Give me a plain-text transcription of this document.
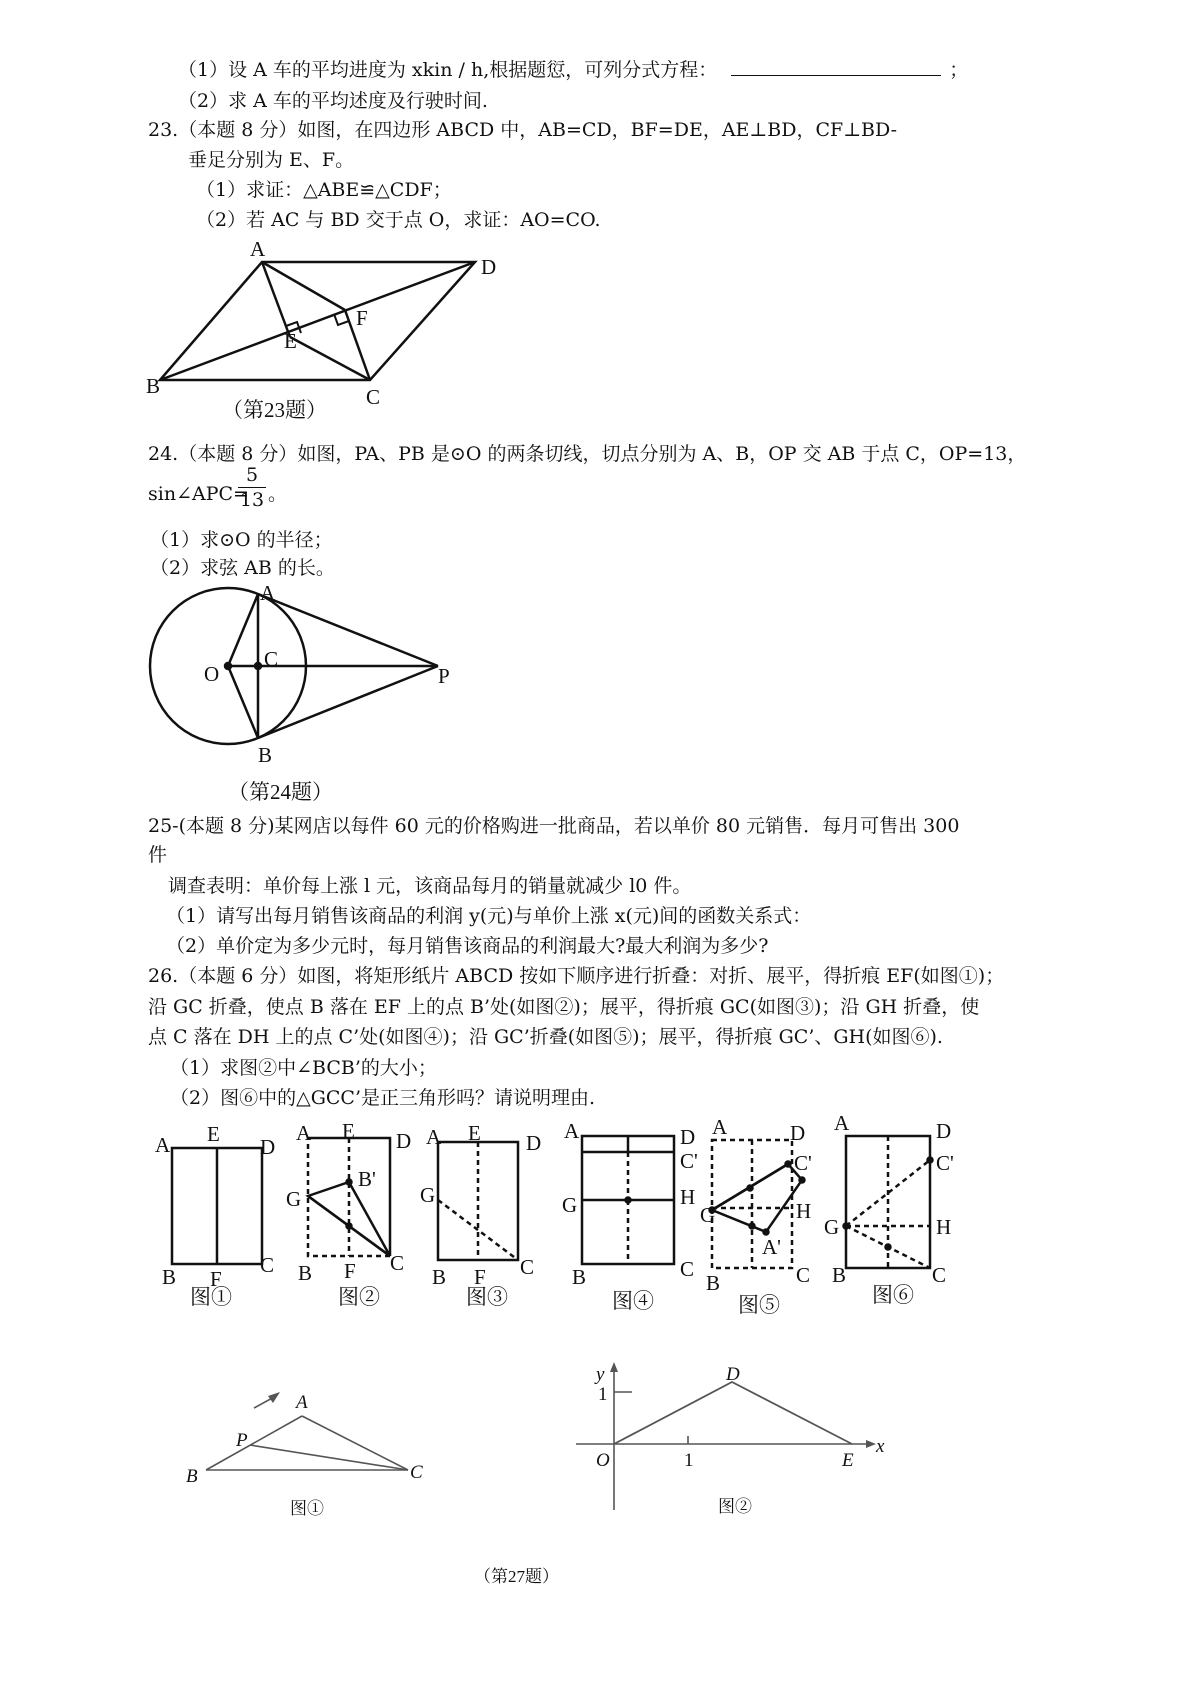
（1）设 A 车的平均进度为 xkin / h,根据题愆，可列分式方程：	；
（2）求 A 车的平均述度及行驶时间.
23.（本题 8 分）如图，在四边形 ABCD 中，AB=CD，BF=DE，AE⊥BD，CF⊥BD-
垂足分别为 E、F。
（1）求证：△ABE≌△CDF；
（2）若 AC 与 BD 交于点 O，求证：AO=CO.
24.（本题 8 分）如图，PA、PB 是⊙O 的两条切线，切点分别为 A、B，OP 交 AB 于点 C，OP=13，
sin∠APC=
5
13 。
（1）求⊙O 的半径；
（2）求弦 AB 的长。
25-(本题 8 分)某网店以每件 60 元的价格购进一批商品，若以单价 80 元销售．每月可售出 300
件
调查表明：单价每上涨 l 元，该商品每月的销量就减少 l0 件。
（1）请写出每月销售该商品的利润 y(元)与单价上涨 x(元)间的函数关系式：
（2）单价定为多少元时，每月销售该商品的利润最大?最大利润为多少?
26.（本题 6 分）如图，将矩形纸片 ABCD 按如下顺序进行折叠：对折、展平，得折痕 EF(如图①)；
沿 GC 折叠，使点 B 落在 EF 上的点 B’处(如图②)；展平，得折痕 GC(如图③)；沿 GH 折叠，使
点 C 落在 DH 上的点 C’处(如图④)；沿 GC’折叠(如图⑤)；展平，得折痕 GC’、GH(如图⑥).
（1）求图②中∠BCB’的大小；
（2）图⑥中的△GCC’是正三角形吗？请说明理由.
A
D
B	C
E
F
（第23题）
A
B
C
O	P
（第24题）
A E
D
B F
C
图①
A E D
G
B'
B F C
图②
A E D
G
B F C
图③
A	D
C'
G	H
B	C
图④
A	D
C'
G	H
A'
B	C
图⑤
A	D
C'
G	H
B	C
图⑥
A
B	C
P
图①
y
x
O
D
E
1
1
图②
（第27题）
